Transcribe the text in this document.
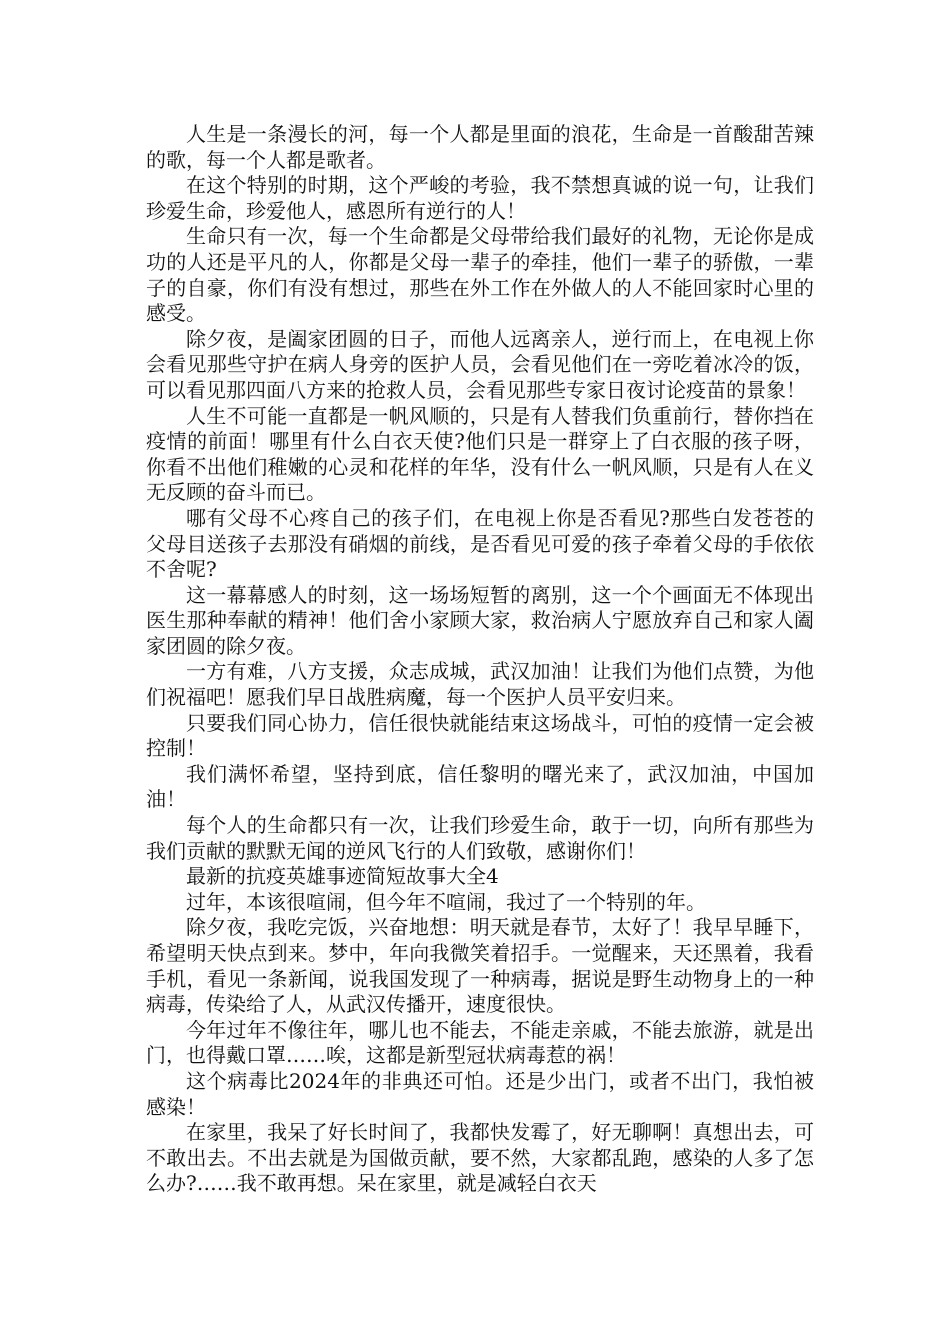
人生是一条漫长的河，每一个人都是里面的浪花，生命是一首酸甜苦辣的歌，每一个人都是歌者。

在这个特别的时期，这个严峻的考验，我不禁想真诚的说一句，让我们珍爱生命，珍爱他人，感恩所有逆行的人！

生命只有一次，每一个生命都是父母带给我们最好的礼物，无论你是成功的人还是平凡的人，你都是父母一辈子的牵挂，他们一辈子的骄傲，一辈子的自豪，你们有没有想过，那些在外工作在外做人的人不能回家时心里的感受。

除夕夜，是阖家团圆的日子，而他人远离亲人，逆行而上，在电视上你会看见那些守护在病人身旁的医护人员，会看见他们在一旁吃着冰冷的饭，可以看见那四面八方来的抢救人员，会看见那些专家日夜讨论疫苗的景象！

人生不可能一直都是一帆风顺的，只是有人替我们负重前行，替你挡在疫情的前面！哪里有什么白衣天使?他们只是一群穿上了白衣服的孩子呀，你看不出他们稚嫩的心灵和花样的年华，没有什么一帆风顺，只是有人在义无反顾的奋斗而已。

哪有父母不心疼自己的孩子们，在电视上你是否看见?那些白发苍苍的父母目送孩子去那没有硝烟的前线，是否看见可爱的孩子牵着父母的手依依不舍呢?

这一幕幕感人的时刻，这一场场短暂的离别，这一个个画面无不体现出医生那种奉献的精神！他们舍小家顾大家，救治病人宁愿放弃自己和家人阖家团圆的除夕夜。

一方有难，八方支援，众志成城，武汉加油！让我们为他们点赞，为他们祝福吧！愿我们早日战胜病魔，每一个医护人员平安归来。

只要我们同心协力，信任很快就能结束这场战斗，可怕的疫情一定会被控制！

我们满怀希望，坚持到底，信任黎明的曙光来了，武汉加油，中国加油！

每个人的生命都只有一次，让我们珍爱生命，敢于一切，向所有那些为我们贡献的默默无闻的逆风飞行的人们致敬，感谢你们！

最新的抗疫英雄事迹简短故事大全4

过年，本该很喧闹，但今年不喧闹，我过了一个特别的年。

除夕夜，我吃完饭，兴奋地想：明天就是春节，太好了！我早早睡下，希望明天快点到来。梦中，年向我微笑着招手。一觉醒来，天还黑着，我看手机，看见一条新闻，说我国发现了一种病毒，据说是野生动物身上的一种病毒，传染给了人，从武汉传播开，速度很快。

今年过年不像往年，哪儿也不能去，不能走亲戚，不能去旅游，就是出门，也得戴口罩……唉，这都是新型冠状病毒惹的祸！

这个病毒比2024年的非典还可怕。还是少出门，或者不出门，我怕被感染！

在家里，我呆了好长时间了，我都快发霉了，好无聊啊！真想出去，可不敢出去。不出去就是为国做贡献，要不然，大家都乱跑，感染的人多了怎么办?……我不敢再想。呆在家里，就是减轻白衣天
